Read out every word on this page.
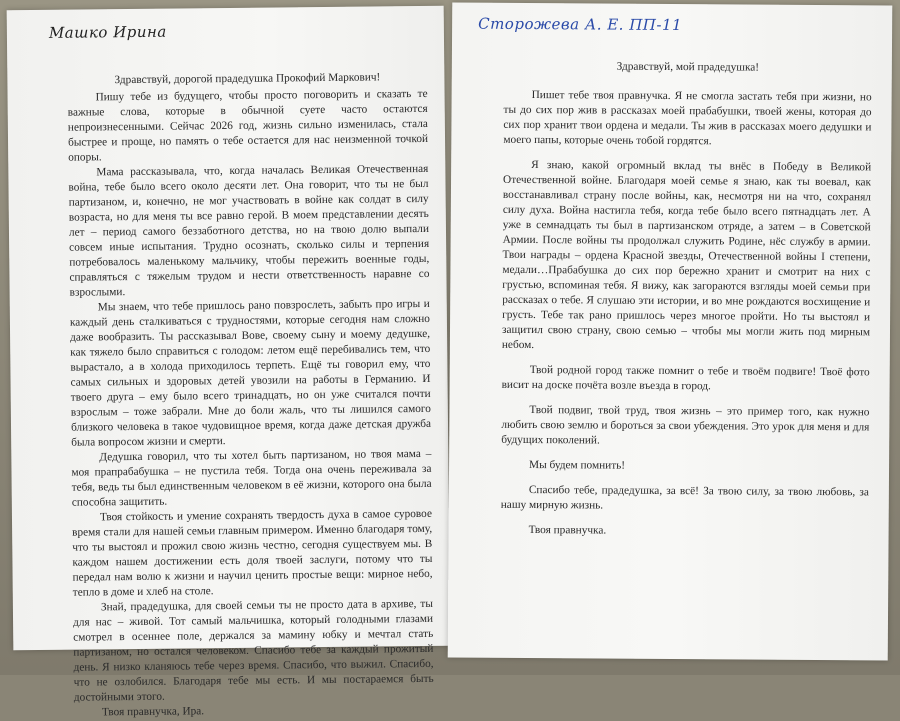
Машко Ирина

Здравствуй, дорогой прадедушка Прокофий Маркович!

Пишу тебе из будущего, чтобы просто поговорить и сказать те важные слова, которые в обычной суете часто остаются непроизнесенными. Сейчас 2026 год, жизнь сильно изменилась, стала быстрее и проще, но память о тебе остается для нас неизменной точкой опоры.

Мама рассказывала, что, когда началась Великая Отечественная война, тебе было всего около десяти лет. Она говорит, что ты не был партизаном, и, конечно, не мог участвовать в войне как солдат в силу возраста, но для меня ты все равно герой. В моем представлении десять лет – период самого беззаботного детства, но на твою долю выпали совсем иные испытания. Трудно осознать, сколько силы и терпения потребовалось маленькому мальчику, чтобы пережить военные годы, справляться с тяжелым трудом и нести ответственность наравне со взрослыми.

Мы знаем, что тебе пришлось рано повзрослеть, забыть про игры и каждый день сталкиваться с трудностями, которые сегодня нам сложно даже вообразить. Ты рассказывал Вове, своему сыну и моему дедушке, как тяжело было справиться с голодом: летом ещё перебивались тем, что вырастало, а в холода приходилось терпеть. Ещё ты говорил ему, что самых сильных и здоровых детей увозили на работы в Германию. И твоего друга – ему было всего тринадцать, но он уже считался почти взрослым – тоже забрали. Мне до боли жаль, что ты лишился самого близкого человека в такое чудовищное время, когда даже детская дружба была вопросом жизни и смерти.

Дедушка говорил, что ты хотел быть партизаном, но твоя мама – моя прапрабабушка – не пустила тебя. Тогда она очень переживала за тебя, ведь ты был единственным человеком в её жизни, которого она была способна защитить.

Твоя стойкость и умение сохранять твердость духа в самое суровое время стали для нашей семьи главным примером. Именно благодаря тому, что ты выстоял и прожил свою жизнь честно, сегодня существуем мы. В каждом нашем достижении есть доля твоей заслуги, потому что ты передал нам волю к жизни и научил ценить простые вещи: мирное небо, тепло в доме и хлеб на столе.

Знай, прадедушка, для своей семьи ты не просто дата в архиве, ты для нас – живой. Тот самый мальчишка, который голодными глазами смотрел в осеннее поле, держался за мамину юбку и мечтал стать партизаном, но остался человеком. Спасибо тебе за каждый прожитый день. Я низко кланяюсь тебе через время. Спасибо, что выжил. Спасибо, что не озлобился. Благодаря тебе мы есть. И мы постараемся быть достойными этого.

Твоя правнучка, Ира.

Сторожева А. Е. ПП-11

Здравствуй, мой прадедушка!

Пишет тебе твоя правнучка. Я не смогла застать тебя при жизни, но ты до сих пор жив в рассказах моей прабабушки, твоей жены, которая до сих пор хранит твои ордена и медали. Ты жив в рассказах моего дедушки и моего папы, которые очень тобой гордятся.

Я знаю, какой огромный вклад ты внёс в Победу в Великой Отечественной войне. Благодаря моей семье я знаю, как ты воевал, как восстанавливал страну после войны, как, несмотря ни на что, сохранял силу духа. Война настигла тебя, когда тебе было всего пятнадцать лет. А уже в семнадцать ты был в партизанском отряде, а затем – в Советской Армии. После войны ты продолжал служить Родине, нёс службу в армии. Твои награды – ордена Красной звезды, Отечественной войны I степени, медали…Прабабушка до сих пор бережно хранит и смотрит на них с грустью, вспоминая тебя. Я вижу, как загораются взгляды моей семьи при рассказах о тебе. Я слушаю эти истории, и во мне рождаются восхищение и грусть. Тебе так рано пришлось через многое пройти. Но ты выстоял и защитил свою страну, свою семью – чтобы мы могли жить под мирным небом.

Твой родной город также помнит о тебе и твоём подвиге! Твоё фото висит на доске почёта возле въезда в город.

Твой подвиг, твой труд, твоя жизнь – это пример того, как нужно любить свою землю и бороться за свои убеждения. Это урок для меня и для будущих поколений.

Мы будем помнить!

Спасибо тебе, прадедушка, за всё! За твою силу, за твою любовь, за нашу мирную жизнь.

Твоя правнучка.
